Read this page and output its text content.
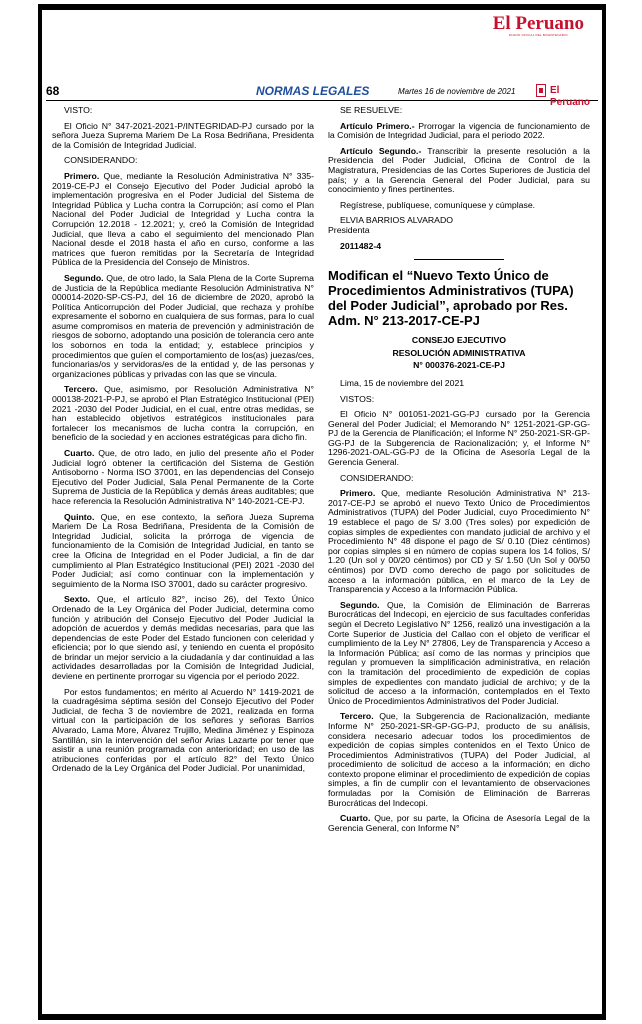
El Peruano
DIARIO OFICIAL DEL BICENTENARIO
68	NORMAS LEGALES	Martes 16 de noviembre de 2021	El Peruano

VISTO:

El Oficio N° 347-2021-2021-P/INTEGRIDAD-PJ cursado por la señora Jueza Suprema Mariem De La Rosa Bedriñana, Presidenta de la Comisión de Integridad Judicial.

CONSIDERANDO:

Primero. Que, mediante la Resolución Administrativa N° 335-2019-CE-PJ el Consejo Ejecutivo del Poder Judicial aprobó la implementación progresiva en el Poder Judicial del Sistema de Integridad Pública y Lucha contra la Corrupción; así como el Plan Nacional del Poder Judicial de Integridad y Lucha contra la Corrupción 12.2018 - 12.2021; y, creó la Comisión de Integridad Judicial, que lleva a cabo el seguimiento del mencionado Plan Nacional desde el 2018 hasta el año en curso, conforme a las matrices que fueron remitidas por la Secretaría de Integridad Pública de la Presidencia del Consejo de Ministros.

Segundo. Que, de otro lado, la Sala Plena de la Corte Suprema de Justicia de la República mediante Resolución Administrativa N° 000014-2020-SP-CS-PJ, del 16 de diciembre de 2020, aprobó la Política Anticorrupción del Poder Judicial, que rechaza y prohíbe expresamente el soborno en cualquiera de sus formas, para lo cual asume compromisos en materia de prevención y administración de riesgos de soborno, adoptando una posición de tolerancia cero ante los sobornos en toda la entidad; y, establece principios y procedimientos que guíen el comportamiento de los(as) juezas/ces, funcionarias/os y servidoras/es de la entidad y, de las personas y organizaciones públicas y privadas con las que se vincula.

Tercero. Que, asimismo, por Resolución Administrativa N° 000138-2021-P-PJ, se aprobó el Plan Estratégico Institucional (PEI) 2021 -2030 del Poder Judicial, en el cual, entre otras medidas, se han establecido objetivos estratégicos institucionales para fortalecer los mecanismos de lucha contra la corrupción, en beneficio de la sociedad y en acciones estratégicas para dicho fin.

Cuarto. Que, de otro lado, en julio del presente año el Poder Judicial logró obtener la certificación del Sistema de Gestión Antisoborno - Norma ISO 37001, en las dependencias del Consejo Ejecutivo del Poder Judicial, Sala Penal Permanente de la Corte Suprema de Justicia de la República y demás áreas auditables; que hace referencia la Resolución Administrativa N° 140-2021-CE-PJ.

Quinto. Que, en ese contexto, la señora Jueza Suprema Mariem De La Rosa Bedriñana, Presidenta de la Comisión de Integridad Judicial, solicita la prórroga de vigencia de funcionamiento de la Comisión de Integridad Judicial, en tanto se cree la Oficina de Integridad en el Poder Judicial, a fin de dar cumplimiento al Plan Estratégico Institucional (PEI) 2021 -2030 del Poder Judicial; así como continuar con la implementación y seguimiento de la Norma ISO 37001, dado su carácter progresivo.

Sexto. Que, el artículo 82°, inciso 26), del Texto Único Ordenado de la Ley Orgánica del Poder Judicial, determina como función y atribución del Consejo Ejecutivo del Poder Judicial la adopción de acuerdos y demás medidas necesarias, para que las dependencias de este Poder del Estado funcionen con celeridad y eficiencia; por lo que siendo así, y teniendo en cuenta el propósito de brindar un mejor servicio a la ciudadanía y dar continuidad a las actividades desarrolladas por la Comisión de Integridad Judicial, deviene en pertinente prorrogar su vigencia por el periodo 2022.

Por estos fundamentos; en mérito al Acuerdo N° 1419-2021 de la cuadragésima séptima sesión del Consejo Ejecutivo del Poder Judicial, de fecha 3 de noviembre de 2021, realizada en forma virtual con la participación de los señores y señoras Barrios Alvarado, Lama More, Álvarez Trujillo, Medina Jiménez y Espinoza Santillán, sin la intervención del señor Arias Lazarte por tener que asistir a una reunión programada con anterioridad; en uso de las atribuciones conferidas por el artículo 82° del Texto Único Ordenado de la Ley Orgánica del Poder Judicial. Por unanimidad,

SE RESUELVE:

Artículo Primero.- Prorrogar la vigencia de funcionamiento de la Comisión de Integridad Judicial, para el periodo 2022.

Artículo Segundo.- Transcribir la presente resolución a la Presidencia del Poder Judicial, Oficina de Control de la Magistratura, Presidencias de las Cortes Superiores de Justicia del país; y a la Gerencia General del Poder Judicial, para su conocimiento y fines pertinentes.

Regístrese, publíquese, comuníquese y cúmplase.

ELVIA BARRIOS ALVARADO
Presidenta

2011482-4

Modifican el “Nuevo Texto Único de Procedimientos Administrativos (TUPA) del Poder Judicial”, aprobado por Res. Adm. N° 213-2017-CE-PJ

CONSEJO EJECUTIVO

RESOLUCIÓN ADMINISTRATIVA

N° 000376-2021-CE-PJ

Lima, 15 de noviembre del 2021

VISTOS:

El Oficio N° 001051-2021-GG-PJ cursado por la Gerencia General del Poder Judicial; el Memorando N° 1251-2021-GP-GG-PJ de la Gerencia de Planificación; el Informe N° 250-2021-SR-GP-GG-PJ de la Subgerencia de Racionalización; y, el Informe N° 1296-2021-OAL-GG-PJ de la Oficina de Asesoría Legal de la Gerencia General.

CONSIDERANDO:

Primero. Que, mediante Resolución Administrativa N° 213-2017-CE-PJ se aprobó el nuevo Texto Único de Procedimientos Administrativos (TUPA) del Poder Judicial, cuyo Procedimiento N° 19 establece el pago de S/ 3.00 (Tres soles) por expedición de copias simples de expedientes con mandato judicial de archivo y el Procedimiento N° 48 dispone el pago de S/ 0.10 (Diez céntimos) por copias simples si en número de copias supera los 14 folios, S/ 1.20 (Un sol y 00/20 céntimos) por CD y S/ 1.50 (Un Sol y 00/50 céntimos) por DVD como derecho de pago por solicitudes de acceso a la información pública, en el marco de la Ley de Transparencia y Acceso a la Información Pública.

Segundo. Que, la Comisión de Eliminación de Barreras Burocráticas del Indecopi, en ejercicio de sus facultades conferidas según el Decreto Legislativo N° 1256, realizó una investigación a la Corte Superior de Justicia del Callao con el objeto de verificar el cumplimiento de la Ley N° 27806, Ley de Transparencia y Acceso a la Información Pública; así como de las normas y principios que regulan y promueven la simplificación administrativa, en relación con la tramitación del procedimiento de expedición de copias simples de expedientes con mandato judicial de archivo; y de la solicitud de acceso a la información, contemplados en el Texto Único de Procedimientos Administrativos del Poder Judicial.

Tercero. Que, la Subgerencia de Racionalización, mediante Informe N° 250-2021-SR-GP-GG-PJ, producto de su análisis, considera necesario adecuar todos los procedimientos de expedición de copias simples contenidos en el Texto Único de Procedimientos Administrativos (TUPA) del Poder Judicial, al procedimiento de solicitud de acceso a la información; en dicho contexto propone eliminar el procedimiento de expedición de copias simples, a fin de cumplir con el levantamiento de observaciones formuladas por la Comisión de Eliminación de Barreras Burocráticas del Indecopi.

Cuarto. Que, por su parte, la Oficina de Asesoría Legal de la Gerencia General, con Informe N°
